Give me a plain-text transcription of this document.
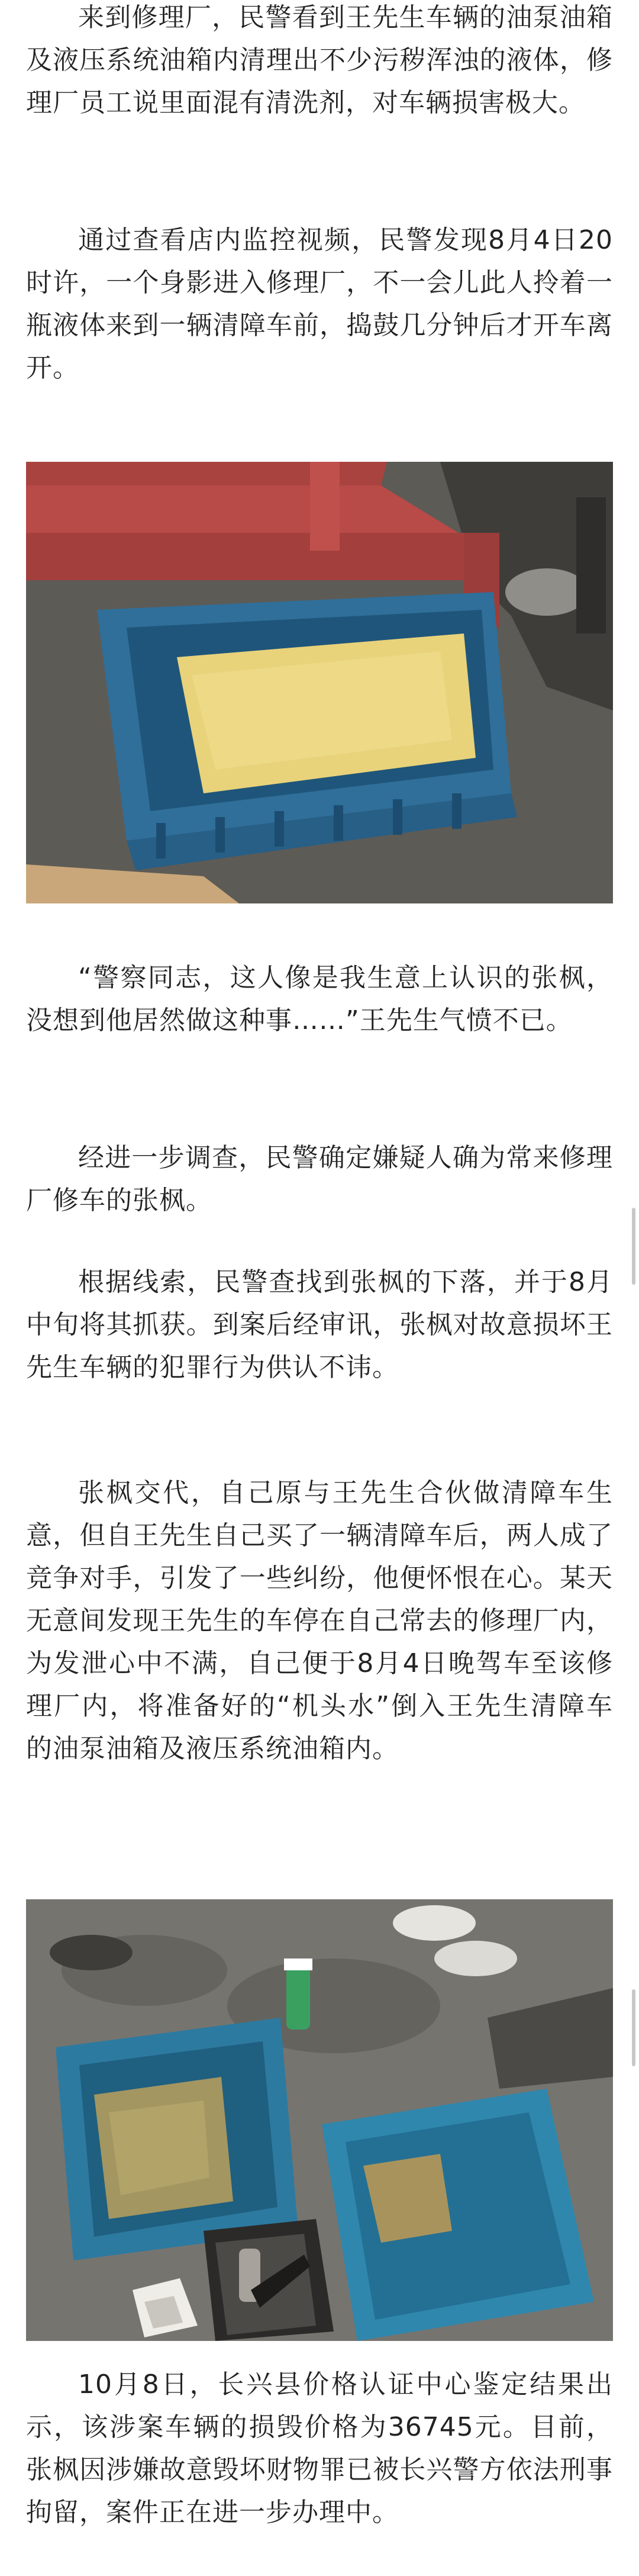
来到修理厂，民警看到王先生车辆的油泵油箱及液压系统油箱内清理出不少污秽浑浊的液体，修理厂员工说里面混有清洗剂，对车辆损害极大。

通过查看店内监控视频，民警发现8月4日20时许，一个身影进入修理厂，不一会儿此人拎着一瓶液体来到一辆清障车前，捣鼓几分钟后才开车离开。

“警察同志，这人像是我生意上认识的张枫，没想到他居然做这种事……”王先生气愤不已。

经进一步调查，民警确定嫌疑人确为常来修理厂修车的张枫。

根据线索，民警查找到张枫的下落，并于8月中旬将其抓获。到案后经审讯，张枫对故意损坏王先生车辆的犯罪行为供认不讳。

张枫交代，自己原与王先生合伙做清障车生意，但自王先生自己买了一辆清障车后，两人成了竞争对手，引发了一些纠纷，他便怀恨在心。某天无意间发现王先生的车停在自己常去的修理厂内，为发泄心中不满，自己便于8月4日晚驾车至该修理厂内，将准备好的“机头水”倒入王先生清障车的油泵油箱及液压系统油箱内。

10月8日，长兴县价格认证中心鉴定结果出示，该涉案车辆的损毁价格为36745元。目前，张枫因涉嫌故意毁坏财物罪已被长兴警方依法刑事拘留，案件正在进一步办理中。
